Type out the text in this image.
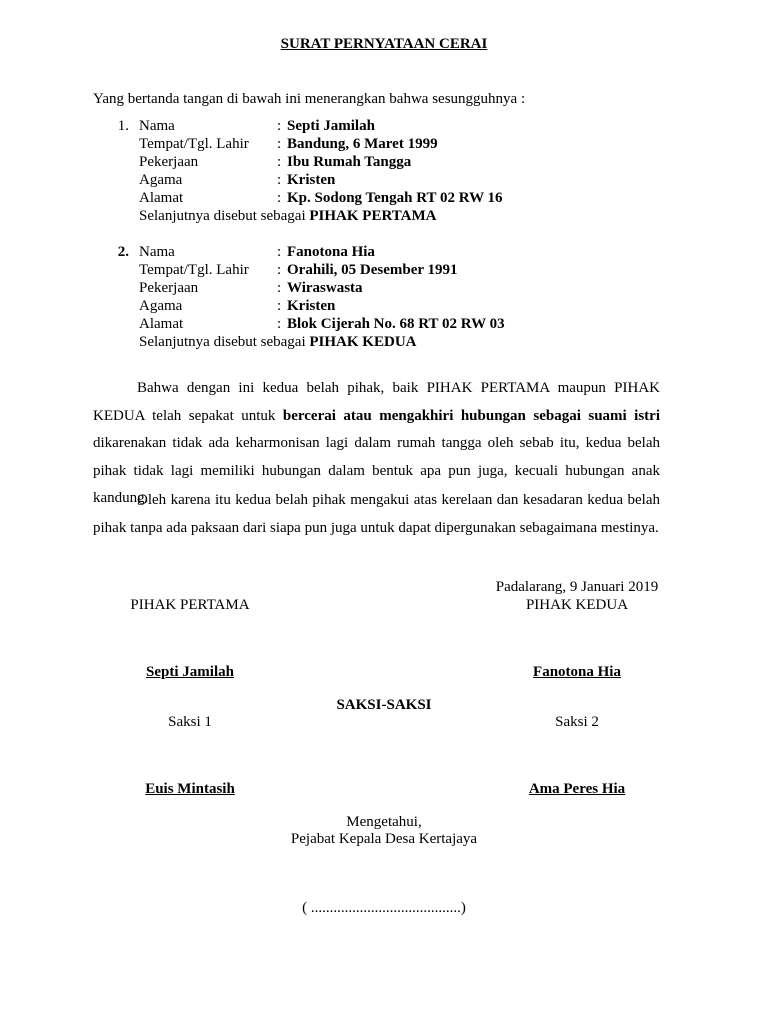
SURAT PERNYATAAN CERAI
Yang bertanda tangan di bawah ini menerangkan bahwa sesungguhnya :
1. Nama	: Septi Jamilah
Tempat/Tgl. Lahir : Bandung, 6 Maret 1999
Pekerjaan	: Ibu Rumah Tangga
Agama	: Kristen
Alamat	: Kp. Sodong Tengah RT 02 RW 16
Selanjutnya disebut sebagai PIHAK PERTAMA
2. Nama	: Fanotona Hia
Tempat/Tgl. Lahir : Orahili, 05 Desember 1991
Pekerjaan	: Wiraswasta
Agama	: Kristen
Alamat	: Blok Cijerah No. 68 RT 02 RW 03
Selanjutnya disebut sebagai PIHAK KEDUA
Bahwa dengan ini kedua belah pihak, baik PIHAK PERTAMA maupun PIHAK KEDUA telah sepakat untuk bercerai atau mengakhiri hubungan sebagai suami istri dikarenakan tidak ada keharmonisan lagi dalam rumah tangga oleh sebab itu, kedua belah pihak tidak lagi memiliki hubungan dalam bentuk apa pun juga, kecuali hubungan anak kandung.
Oleh karena itu kedua belah pihak mengakui atas kerelaan dan kesadaran kedua belah pihak tanpa ada paksaan dari siapa pun juga untuk dapat dipergunakan sebagaimana mestinya.
Padalarang, 9 Januari 2019
PIHAK PERTAMA	PIHAK KEDUA
Septi Jamilah	Fanotona Hia
SAKSI-SAKSI
Saksi 1	Saksi 2
Euis Mintasih	Ama Peres Hia
Mengetahui,
Pejabat Kepala Desa Kertajaya
( ........................................)
